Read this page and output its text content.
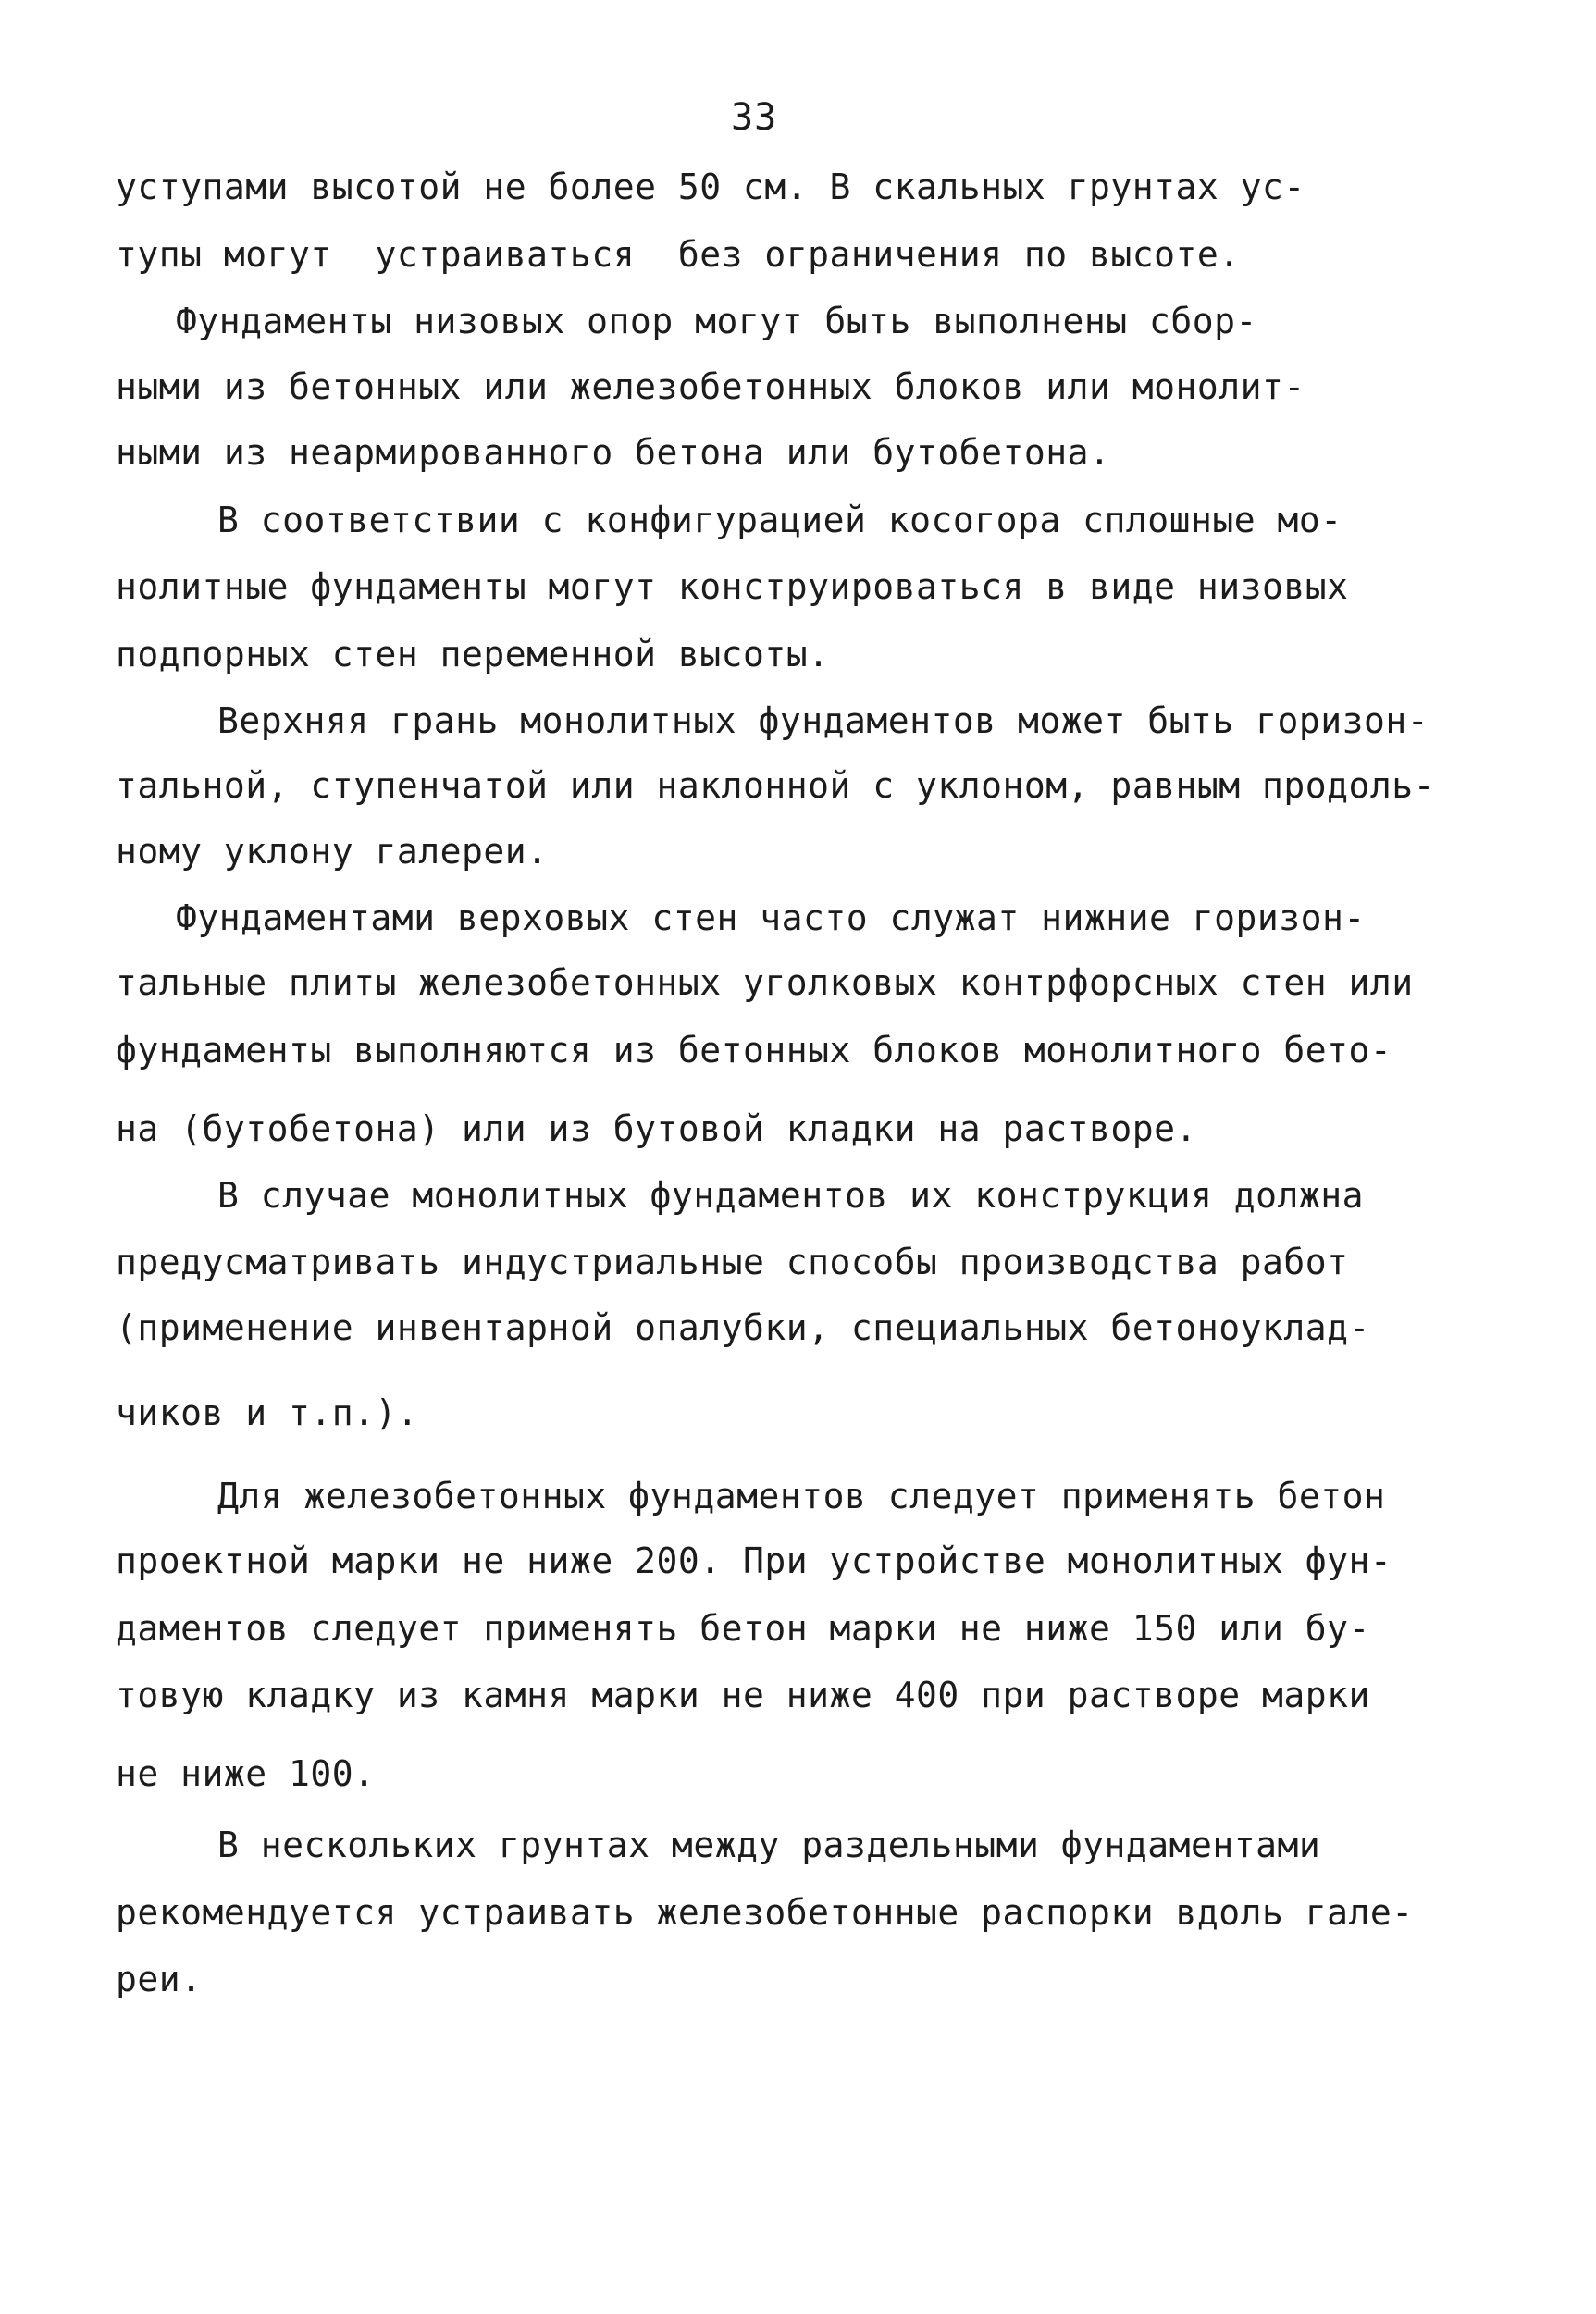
33
уступами высотой не более 50 см. В скальных грунтах ус-
тупы могут  устраиваться  без ограничения по высоте.
Фундаменты низовых опор могут быть выполнены сбор-
ными из бетонных или железобетонных блоков или монолит-
ными из неармированного бетона или бутобетона.
В соответствии с конфигурацией косогора сплошные мо-
нолитные фундаменты могут конструироваться в виде низовых
подпорных стен переменной высоты.
Верхняя грань монолитных фундаментов может быть горизон-
тальной, ступенчатой или наклонной с уклоном, равным продоль-
ному уклону галереи.
Фундаментами верховых стен часто служат нижние горизон-
тальные плиты железобетонных уголковых контрфорсных стен или
фундаменты выполняются из бетонных блоков монолитного бето-
на (бутобетона) или из бутовой кладки на растворе.
В случае монолитных фундаментов их конструкция должна
предусматривать индустриальные способы производства работ
(применение инвентарной опалубки, специальных бетоноуклад-
чиков и т.п.).
Для железобетонных фундаментов следует применять бетон
проектной марки не ниже 200. При устройстве монолитных фун-
даментов следует применять бетон марки не ниже 150 или бу-
товую кладку из камня марки не ниже 400 при растворе марки
не ниже 100.
В нескольких грунтах между раздельными фундаментами
рекомендуется устраивать железобетонные распорки вдоль гале-
реи.
